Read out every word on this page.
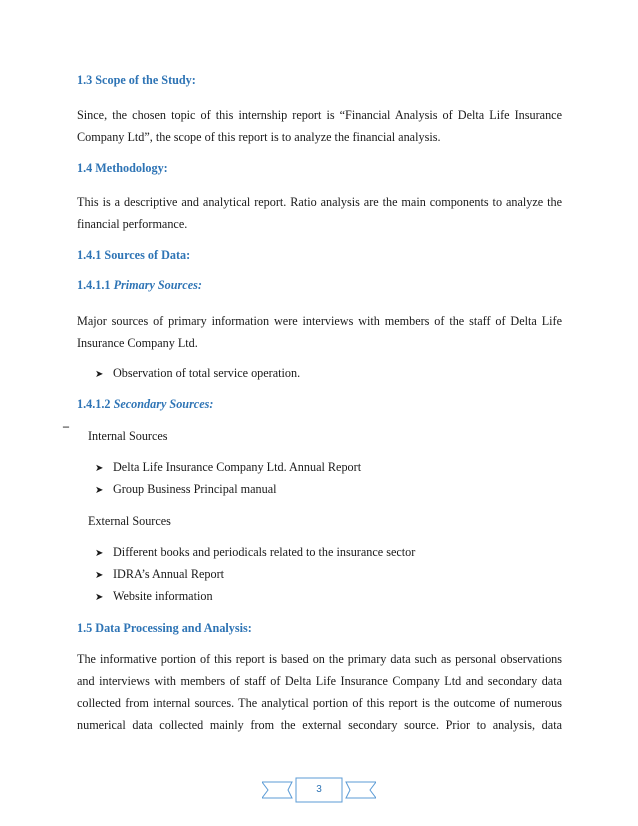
1.3 Scope of the Study:
Since, the chosen topic of this internship report is “Financial Analysis of Delta Life Insurance Company Ltd”, the scope of this report is to analyze the financial analysis.
1.4 Methodology:
This is a descriptive and analytical report. Ratio analysis are the main components to analyze the financial performance.
1.4.1 Sources of Data:
1.4.1.1 Primary Sources:
Major sources of primary information were interviews with members of the staff of Delta Life Insurance Company Ltd.
➤ Observation of total service operation.
1.4.1.2 Secondary Sources:
‾ Internal Sources
➤ Delta Life Insurance Company Ltd. Annual Report
➤ Group Business Principal manual
External Sources
➤ Different books and periodicals related to the insurance sector
➤ IDRA’s Annual Report
➤ Website information
1.5 Data Processing and Analysis:
The informative portion of this report is based on the primary data such as personal observations
and interviews with members of staff of Delta Life Insurance Company Ltd and secondary data
collected from internal sources. The analytical portion of this report is the outcome of numerous
numerical data collected mainly from the external secondary source. Prior to analysis, data
3
